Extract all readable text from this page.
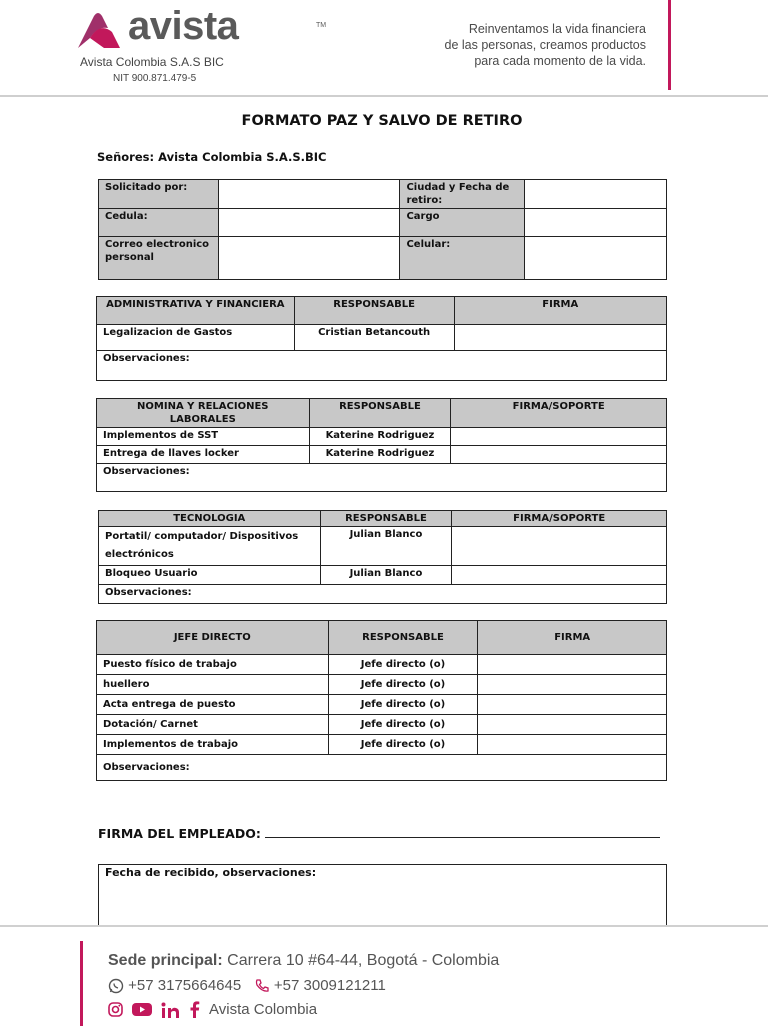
avista	TM
Avista Colombia S.A.S BIC
NIT 900.871.479-5
Reinventamos la vida financiera
de las personas, creamos productos
para cada momento de la vida.
FORMATO PAZ Y SALVO DE RETIRO
Señores: Avista Colombia S.A.S.BIC
Solicitado por:		Ciudad y Fecha de retiro:	
Cedula:		Cargo	
Correo electronico personal		Celular:	
ADMINISTRATIVA Y FINANCIERA	RESPONSABLE	FIRMA
Legalizacion de Gastos	Cristian Betancouth	
Observaciones:		
NOMINA Y RELACIONES LABORALES	RESPONSABLE	FIRMA/SOPORTE
Implementos de SST	Katerine Rodriguez	
Entrega de llaves locker	Katerine Rodriguez	
Observaciones:		
TECNOLOGIA	RESPONSABLE	FIRMA/SOPORTE
Portatil/ computador/ Dispositivos electrónicos	Julian Blanco	
Bloqueo Usuario	Julian Blanco	
Observaciones:		
JEFE DIRECTO	RESPONSABLE	FIRMA
Puesto físico de trabajo	Jefe directo (o)	
huellero	Jefe directo (o)	
Acta entrega de puesto	Jefe directo (o)	
Dotación/ Carnet	Jefe directo (o)	
Implementos de trabajo	Jefe directo (o)	
Observaciones:		
FIRMA DEL EMPLEADO:
Fecha de recibido, observaciones:
Sede principal: Carrera 10 #64-44, Bogotá - Colombia
+57 3175664645 +57 3009121211
Avista Colombia
